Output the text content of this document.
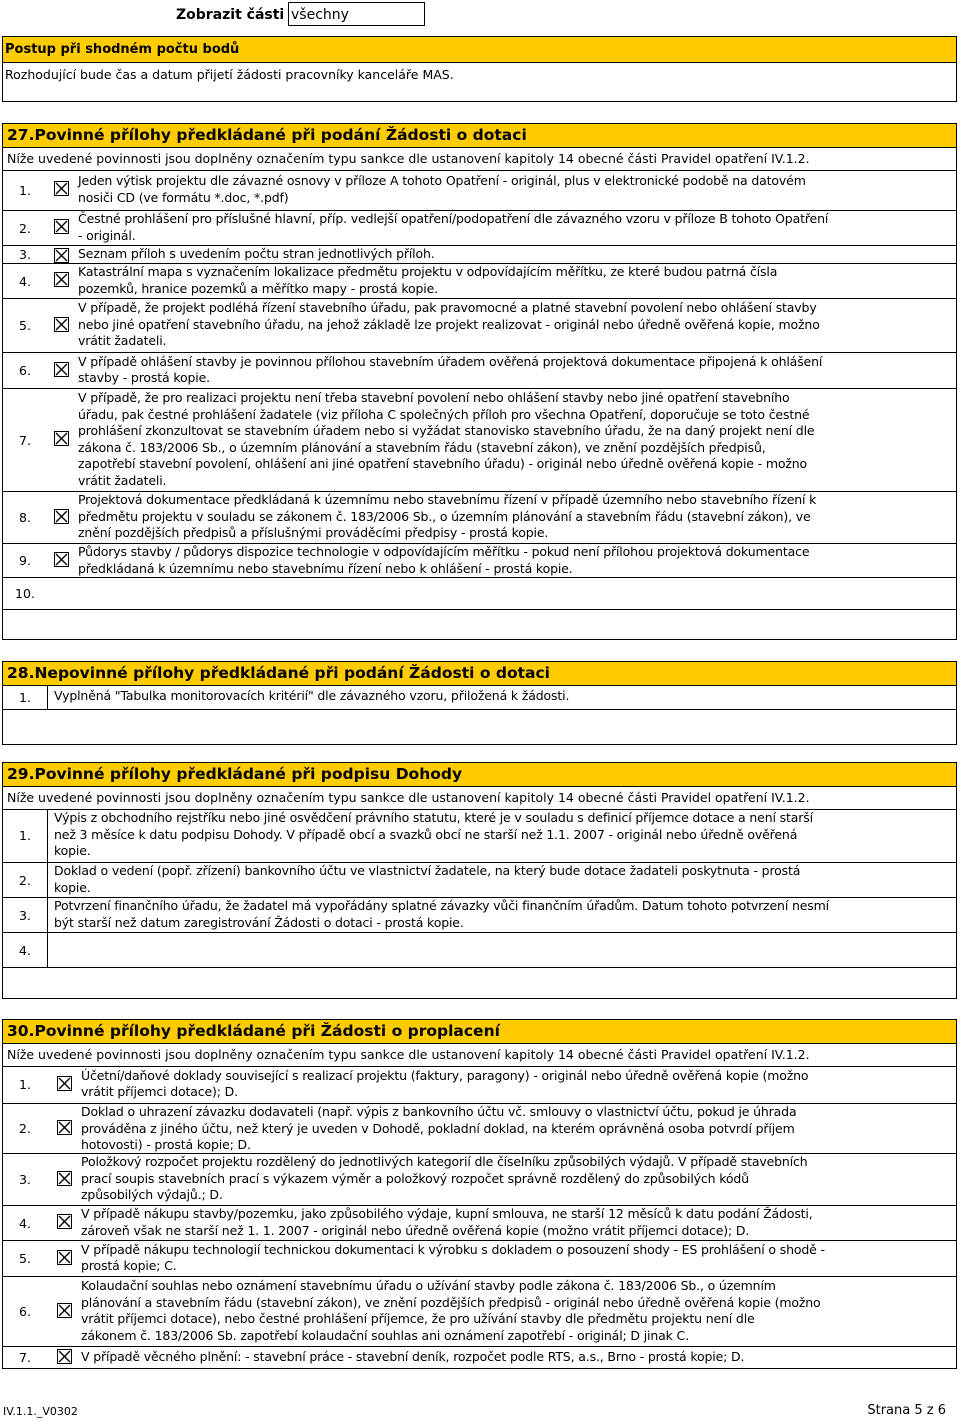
Zobrazit části všechny
Postup při shodném počtu bodů
Rozhodující bude čas a datum přijetí žádosti pracovníky kanceláře MAS.
27.Povinné přílohy předkládané při podání Žádosti o dotaci
Níže uvedené povinnosti jsou doplněny označením typu sankce dle ustanovení kapitoly 14 obecné části Pravidel opatření IV.1.2.
1.
Jeden výtisk projektu dle závazné osnovy v příloze A tohoto Opatření - originál, plus v elektronické podobě na datovém
nosiči CD (ve formátu *.doc, *.pdf)
2.
Čestné prohlášení pro příslušné hlavní, příp. vedlejší opatření/podopatření dle závazného vzoru v příloze B tohoto Opatření
- originál.
3.	Seznam příloh s uvedením počtu stran jednotlivých příloh.
4.
Katastrální mapa s vyznačením lokalizace předmětu projektu v odpovídajícím měřítku, ze které budou patrná čísla
pozemků, hranice pozemků a měřítko mapy - prostá kopie.
5.
V případě, že projekt podléhá řízení stavebního úřadu, pak pravomocné a platné stavební povolení nebo ohlášení stavby
nebo jiné opatření stavebního úřadu, na jehož základě lze projekt realizovat - originál nebo úředně ověřená kopie, možno
vrátit žadateli.
6.
V případě ohlášení stavby je povinnou přílohou stavebním úřadem ověřená projektová dokumentace připojená k ohlášení
stavby - prostá kopie.
7.
V případě, že pro realizaci projektu není třeba stavební povolení nebo ohlášení stavby nebo jiné opatření stavebního
úřadu, pak čestné prohlášení žadatele (viz příloha C společných příloh pro všechna Opatření, doporučuje se toto čestné
prohlášení zkonzultovat se stavebním úřadem nebo si vyžádat stanovisko stavebního úřadu, že na daný projekt není dle
zákona č. 183/2006 Sb., o územním plánování a stavebním řádu (stavební zákon), ve znění pozdějších předpisů,
zapotřebí stavební povolení, ohlášení ani jiné opatření stavebního úřadu) - originál nebo úředně ověřená kopie - možno
vrátit žadateli.
8.
Projektová dokumentace předkládaná k územnímu nebo stavebnímu řízení v případě územního nebo stavebního řízení k
předmětu projektu v souladu se zákonem č. 183/2006 Sb., o územním plánování a stavebním řádu (stavební zákon), ve
znění pozdějších předpisů a příslušnými prováděcími předpisy - prostá kopie.
9.
Půdorys stavby / půdorys dispozice technologie v odpovídajícím měřítku - pokud není přílohou projektová dokumentace
předkládaná k územnímu nebo stavebnímu řízení nebo k ohlášení - prostá kopie.
10.
28.Nepovinné přílohy předkládané při podání Žádosti o dotaci
1.	Vyplněná "Tabulka monitorovacích kritérií" dle závazného vzoru, přiložená k žádosti.
29.Povinné přílohy předkládané při podpisu Dohody
Níže uvedené povinnosti jsou doplněny označením typu sankce dle ustanovení kapitoly 14 obecné části Pravidel opatření IV.1.2.
1.
Výpis z obchodního rejstříku nebo jiné osvědčení právního statutu, které je v souladu s definicí příjemce dotace a není starší
než 3 měsíce k datu podpisu Dohody. V případě obcí a svazků obcí ne starší než 1.1. 2007 - originál nebo úředně ověřená
kopie.
2.
Doklad o vedení (popř. zřízení) bankovního účtu ve vlastnictví žadatele, na který bude dotace žadateli poskytnuta - prostá
kopie.
3.
Potvrzení finančního úřadu, že žadatel má vypořádány splatné závazky vůči finančním úřadům. Datum tohoto potvrzení nesmí
být starší než datum zaregistrování Žádosti o dotaci - prostá kopie.
4.
30.Povinné přílohy předkládané při Žádosti o proplacení
Níže uvedené povinnosti jsou doplněny označením typu sankce dle ustanovení kapitoly 14 obecné části Pravidel opatření IV.1.2.
1.
Účetní/daňové doklady související s realizací projektu (faktury, paragony) - originál nebo úředně ověřená kopie (možno
vrátit příjemci dotace); D.
2.
Doklad o uhrazení závazku dodavateli (např. výpis z bankovního účtu vč. smlouvy o vlastnictví účtu, pokud je úhrada
prováděna z jiného účtu, než který je uveden v Dohodě, pokladní doklad, na kterém oprávněná osoba potvrdí příjem
hotovosti) - prostá kopie; D.
3.
Položkový rozpočet projektu rozdělený do jednotlivých kategorií dle číselníku způsobilých výdajů. V případě stavebních
prací soupis stavebních prací s výkazem výměr a položkový rozpočet správně rozdělený do způsobilých kódů
způsobilých výdajů.; D.
4.
V případě nákupu stavby/pozemku, jako způsobilého výdaje, kupní smlouva, ne starší 12 měsíců k datu podání Žádosti,
zároveň však ne starší než 1. 1. 2007 - originál nebo úředně ověřená kopie (možno vrátit příjemci dotace); D.
5.
V případě nákupu technologií technickou dokumentaci k výrobku s dokladem o posouzení shody - ES prohlášení o shodě -
prostá kopie; C.
6.
Kolaudační souhlas nebo oznámení stavebnímu úřadu o užívání stavby podle zákona č. 183/2006 Sb., o územním
plánování a stavebním řádu (stavební zákon), ve znění pozdějších předpisů - originál nebo úředně ověřená kopie (možno
vrátit příjemci dotace), nebo čestné prohlášení příjemce, že pro užívání stavby dle předmětu projektu není dle
zákonem č. 183/2006 Sb. zapotřebí kolaudační souhlas ani oznámení zapotřebí - originál; D jinak C.
7.	V případě věcného plnění: - stavební práce - stavební deník, rozpočet podle RTS, a.s., Brno - prostá kopie; D.
IV.1.1._V0302	Strana 5 z 6
